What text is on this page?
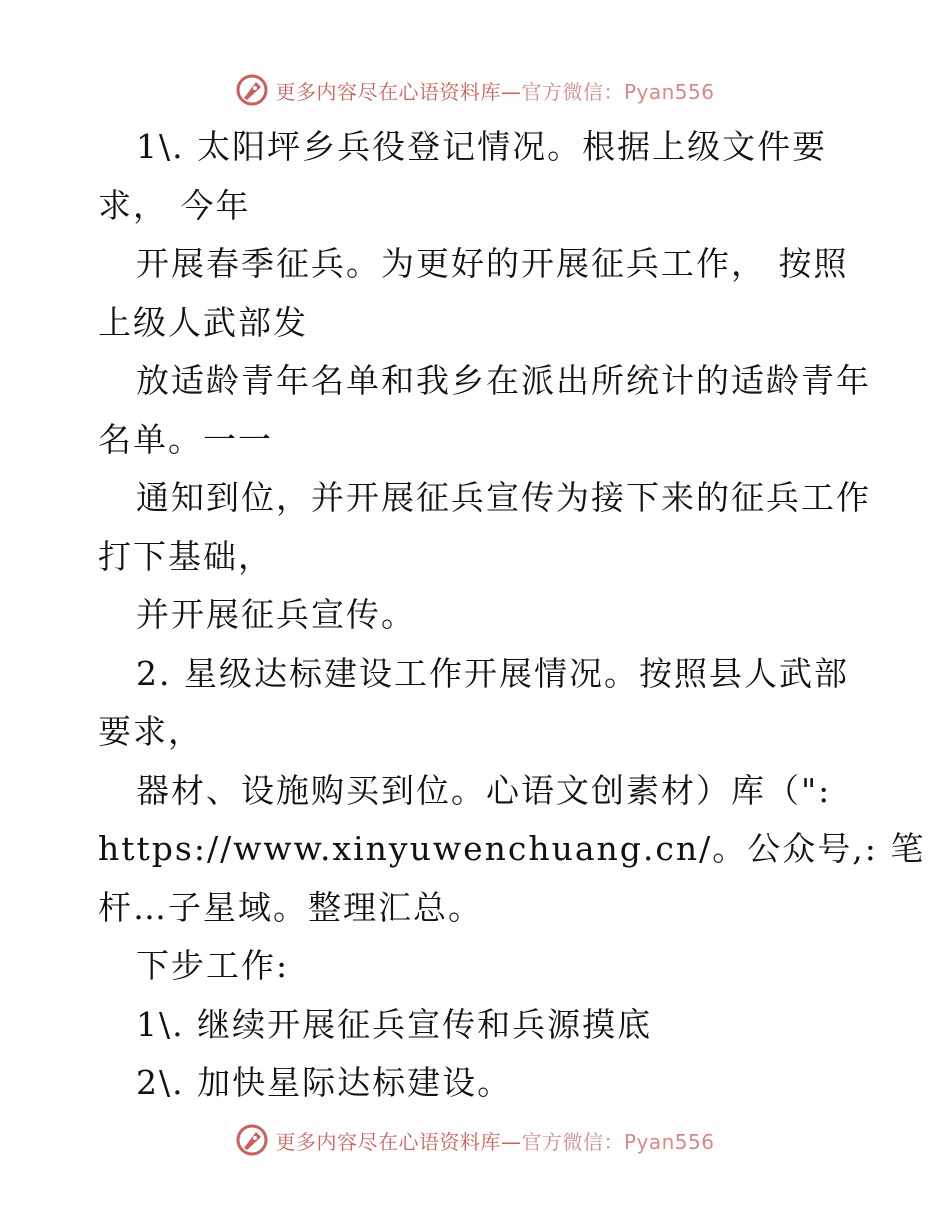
更多内容尽在心语资料库—官方微信：Pyan556
1\. 太阳坪乡兵役登记情况。根据上级文件要
求， 今年
开展春季征兵。为更好的开展征兵工作， 按照
上级人武部发
放适龄青年名单和我乡在派出所统计的适龄青年
名单。一一
通知到位，并开展征兵宣传为接下来的征兵工作
打下基础，
并开展征兵宣传。
2. 星级达标建设工作开展情况。按照县人武部
要求，
器材、设施购买到位。心语文创素材）库（":
https://www.xinyuwenchuang.cn/。公众号,: 笔
杆…子星域。整理汇总。
下步工作:
1\. 继续开展征兵宣传和兵源摸底
2\. 加快星际达标建设。
更多内容尽在心语资料库—官方微信：Pyan556
